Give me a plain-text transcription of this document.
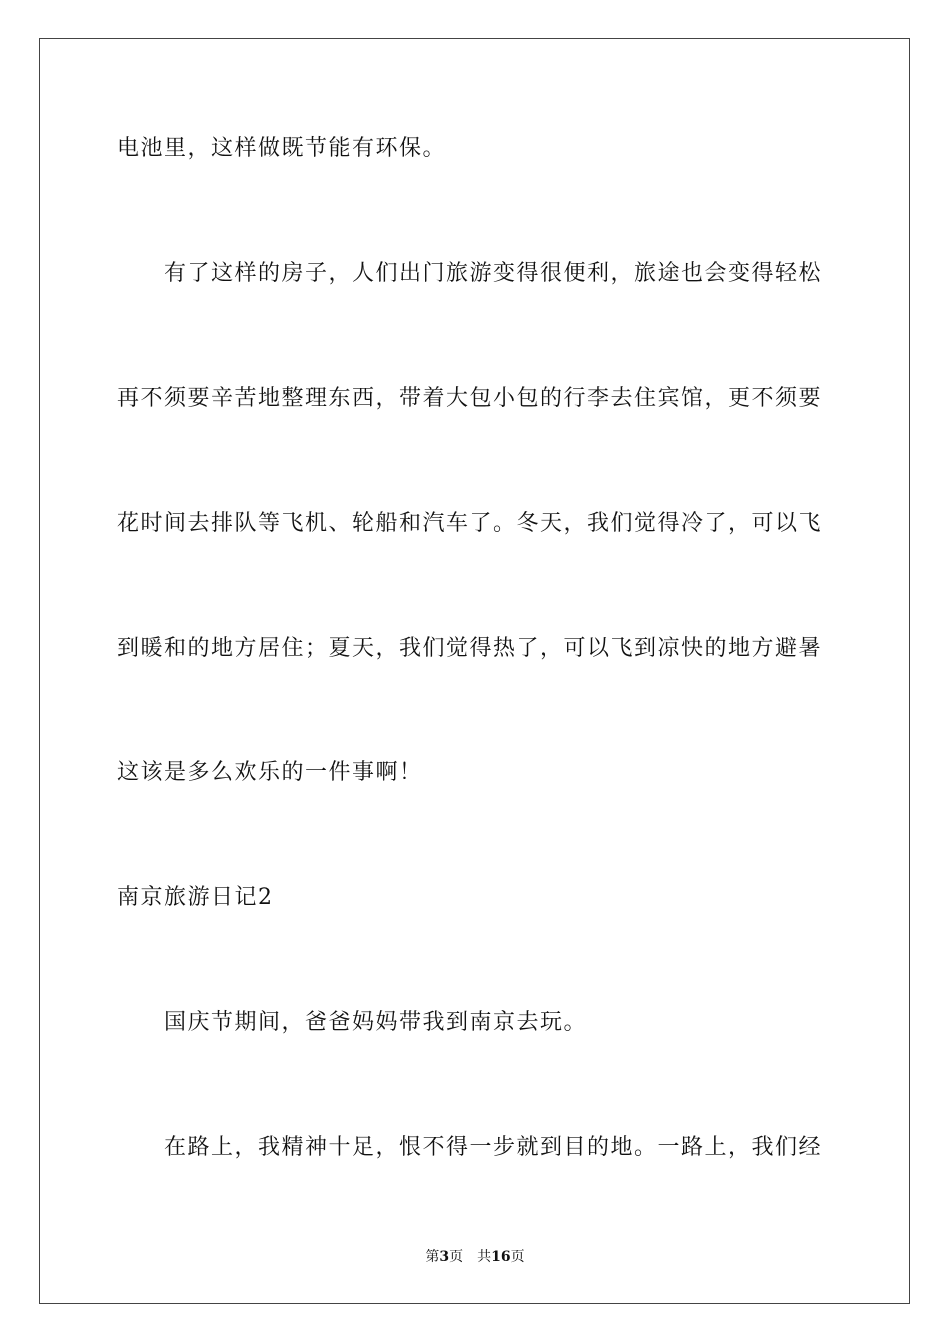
电池里，这样做既节能有环保。
有了这样的房子，人们出门旅游变得很便利，旅途也会变得轻松
再不须要辛苦地整理东西，带着大包小包的行李去住宾馆，更不须要
花时间去排队等飞机、轮船和汽车了。冬天，我们觉得冷了，可以飞
到暖和的地方居住；夏天，我们觉得热了，可以飞到凉快的地方避暑
这该是多么欢乐的一件事啊！
南京旅游日记2
国庆节期间，爸爸妈妈带我到南京去玩。
在路上，我精神十足，恨不得一步就到目的地。一路上，我们经
第3页 共16页
